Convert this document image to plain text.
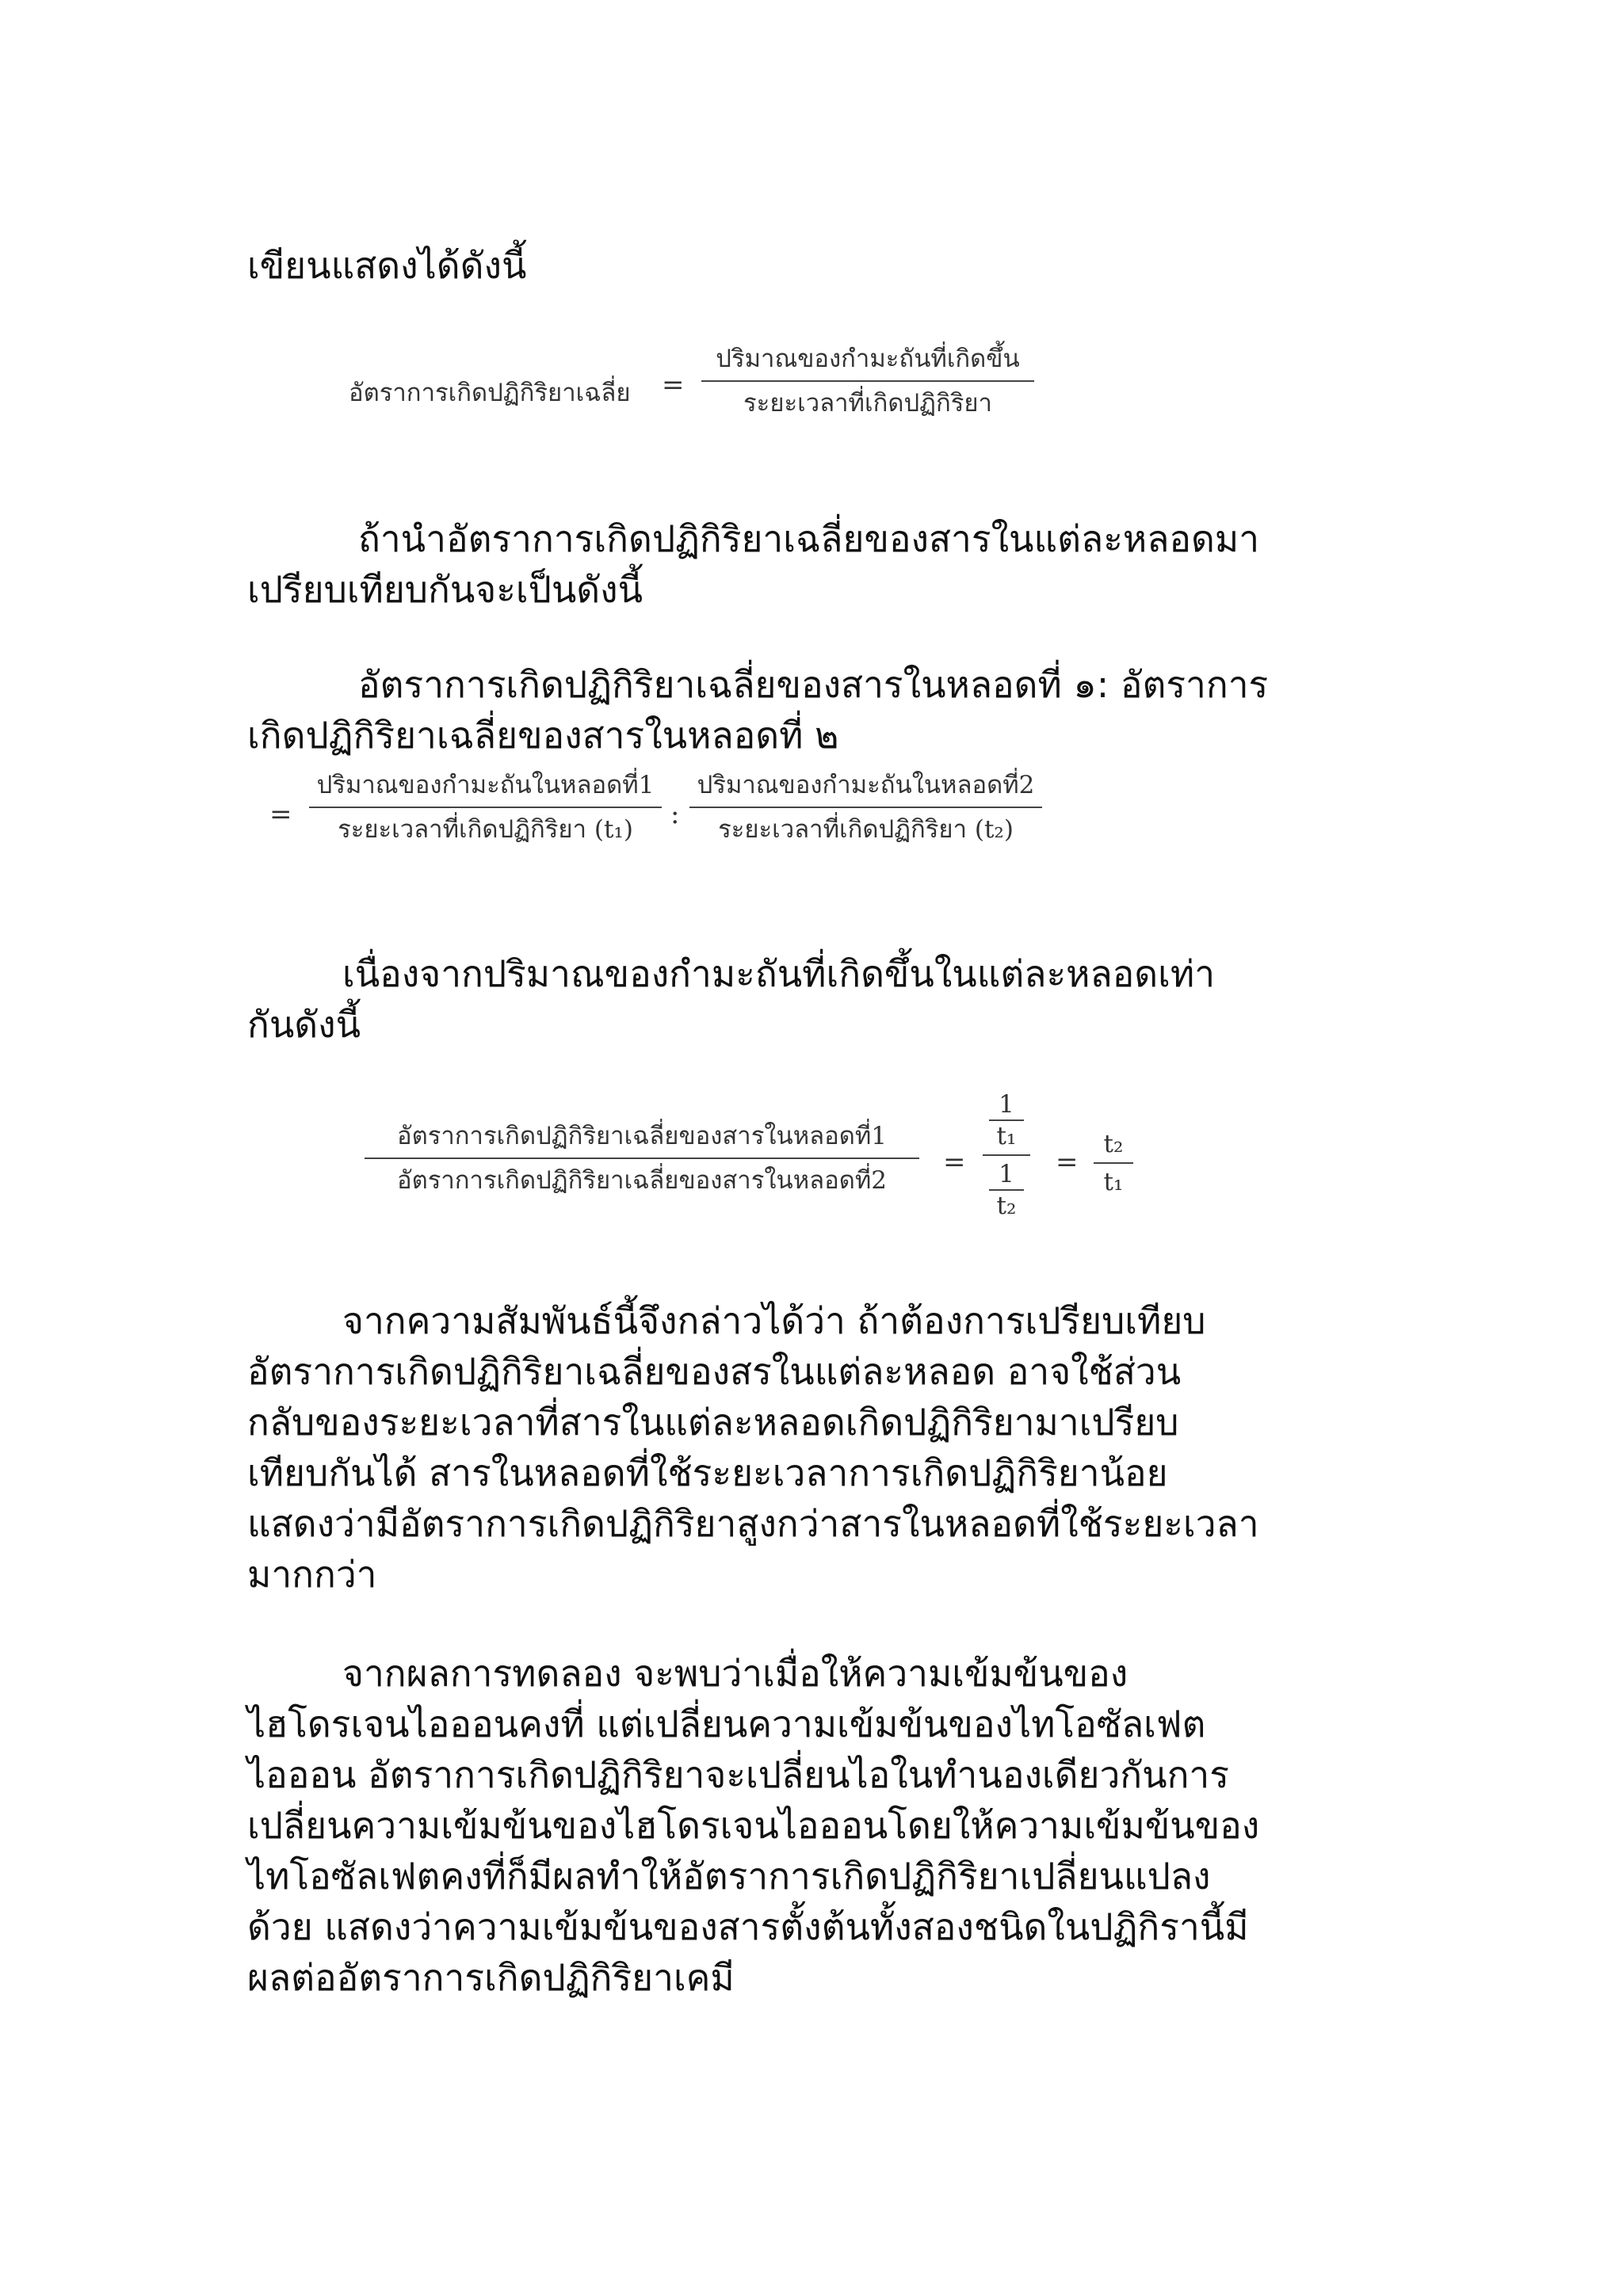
เขียนแสดงได้ดังนี้
อัตราการเกิดปฏิกิริยาเฉลี่ย =
ปริมาณของกำมะถันที่เกิดขึ้น
ระยะเวลาที่เกิดปฏิกิริยา
ถ้านำอัตราการเกิดปฏิกิริยาเฉลี่ยของสารในแต่ละหลอดมา
เปรียบเทียบกันจะเป็นดังนี้
อัตราการเกิดปฏิกิริยาเฉลี่ยของสารในหลอดที่ ๑: อัตราการ
เกิดปฏิกิริยาเฉลี่ยของสารในหลอดที่ ๒
=
ปริมาณของกำมะถันในหลอดที่1
ระยะเวลาที่เกิดปฏิกิริยา (t₁)	:
ปริมาณของกำมะถันในหลอดที่2
ระยะเวลาที่เกิดปฏิกิริยา (t₂)
เนื่องจากปริมาณของกำมะถันที่เกิดขึ้นในแต่ละหลอดเท่า
กันดังนี้
อัตราการเกิดปฏิกิริยาเฉลี่ยของสารในหลอดที่1
อัตราการเกิดปฏิกิริยาเฉลี่ยของสารในหลอดที่2
=
1
t₁
1
t₂
=
t₂
t₁
จากความสัมพันธ์นี้จึงกล่าวได้ว่า ถ้าต้องการเปรียบเทียบ
อัตราการเกิดปฏิกิริยาเฉลี่ยของสรในแต่ละหลอด อาจใช้ส่วน
กลับของระยะเวลาที่สารในแต่ละหลอดเกิดปฏิกิริยามาเปรียบ
เทียบกันได้ สารในหลอดที่ใช้ระยะเวลาการเกิดปฏิกิริยาน้อย
แสดงว่ามีอัตราการเกิดปฏิกิริยาสูงกว่าสารในหลอดที่ใช้ระยะเวลา
มากกว่า
จากผลการทดลอง จะพบว่าเมื่อให้ความเข้มข้นของ
ไฮโดรเจนไอออนคงที่ แต่เปลี่ยนความเข้มข้นของไทโอซัลเฟต
ไอออน อัตราการเกิดปฏิกิริยาจะเปลี่ยนไอในทำนองเดียวกันการ
เปลี่ยนความเข้มข้นของไฮโดรเจนไอออนโดยให้ความเข้มข้นของ
ไทโอซัลเฟตคงที่ก็มีผลทำให้อัตราการเกิดปฏิกิริยาเปลี่ยนแปลง
ด้วย แสดงว่าความเข้มข้นของสารตั้งต้นทั้งสองชนิดในปฏิกิรานี้มี
ผลต่ออัตราการเกิดปฏิกิริยาเคมี
